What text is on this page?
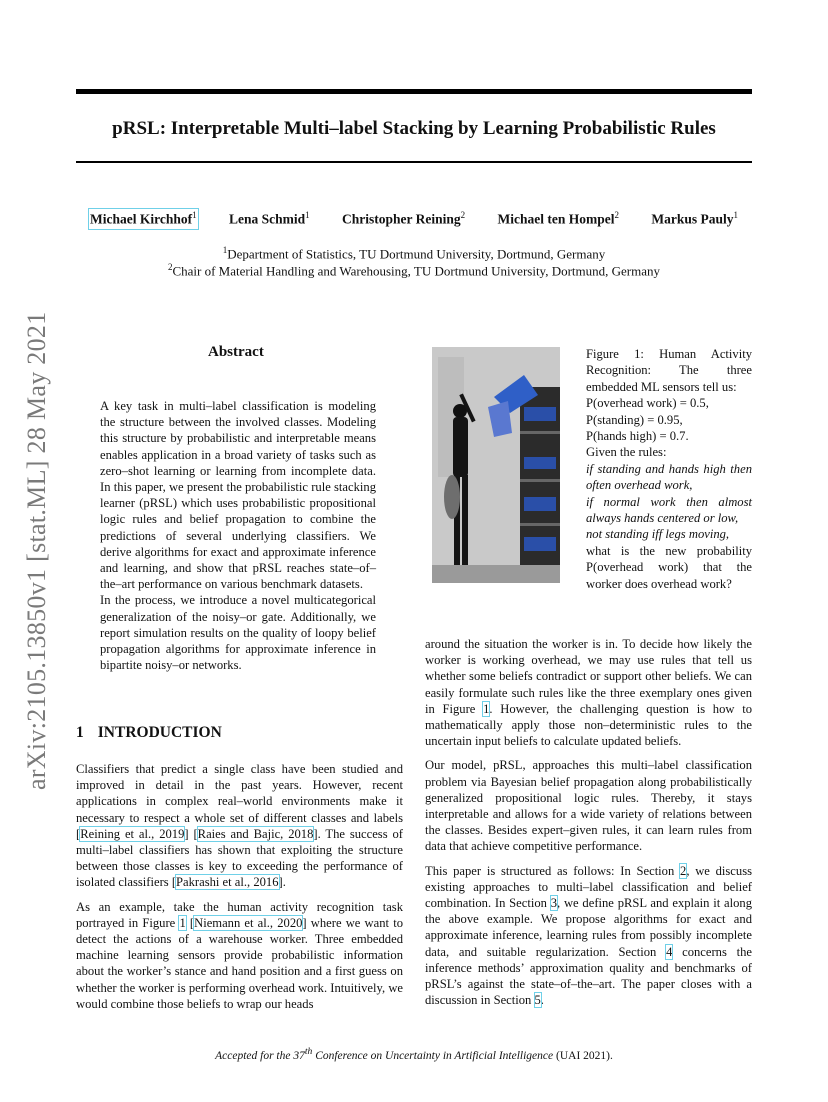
pRSL: Interpretable Multi–label Stacking by Learning Probabilistic Rules
Michael Kirchhof$^1$ Lena Schmid$^1$ Christopher Reining$^2$ Michael ten Hompel$^2$ Markus Pauly$^1$
$^1$Department of Statistics, TU Dortmund University, Dortmund, Germany
$^2$Chair of Material Handling and Warehousing, TU Dortmund University, Dortmund, Germany
arXiv:2105.13850v1 [stat.ML] 28 May 2021	Abstract
A key task in multi–label classification is modeling the structure between the involved classes. Modeling this structure by probabilistic and interpretable means enables application in a broad variety of tasks such as zero–shot learning or learning from incomplete data. In this paper, we present the probabilistic rule stacking learner (pRSL) which uses probabilistic propositional logic rules and belief propagation to combine the predictions of several underlying classifiers. We derive algorithms for exact and approximate inference and learning, and show that pRSL reaches state–of–the–art performance on various benchmark datasets.
In the process, we introduce a novel multicategorical generalization of the noisy–or gate. Additionally, we report simulation results on the quality of loopy belief propagation algorithms for approximate inference in bipartite noisy–or networks.
1 INTRODUCTION

Classifiers that predict a single class have been studied and improved in detail in the past years. However, recent applications in complex real–world environments make it necessary to respect a whole set of different classes and labels [Reining et al., 2019] [Raies and Bajic, 2018]. The success of multi–label classifiers has shown that exploiting the structure between those classes is key to exceeding the performance of isolated classifiers [Pakrashi et al., 2016].

As an example, take the human activity recognition task portrayed in Figure 1 [Niemann et al., 2020] where we want to detect the actions of a warehouse worker. Three embedded machine learning sensors provide probabilistic information about the worker’s stance and hand position and a first guess on whether the worker is performing overhead work. Intuitively, we would combine those beliefs to wrap our heads

Figure 1: Human Activity Recognition: The three embedded ML sensors tell us:
P(overhead work) = 0.5,
P(standing) = 0.95,
P(hands high) = 0.7.
Given the rules:
if standing and hands high then often overhead work,
if normal work then almost always hands centered or low,
not standing iff legs moving,
what is the new probability P(overhead work) that the worker does overhead work?

around the situation the worker is in. To decide how likely the worker is working overhead, we may use rules that tell us whether some beliefs contradict or support other beliefs. We can easily formulate such rules like the three exemplary ones given in Figure 1. However, the challenging question is how to mathematically apply those non–deterministic rules to the uncertain input beliefs to calculate updated beliefs.

Our model, pRSL, approaches this multi–label classification problem via Bayesian belief propagation along probabilistically generalized propositional logic rules. Thereby, it stays interpretable and allows for a wide variety of relations between the classes. Besides expert–given rules, it can learn rules from data that achieve competitive performance.

This paper is structured as follows: In Section 2, we discuss existing approaches to multi–label classification and belief combination. In Section 3, we define pRSL and explain it along the above example. We propose algorithms for exact and approximate inference, learning rules from possibly incomplete data, and suitable regularization. Section 4 concerns the inference methods’ approximation quality and benchmarks of pRSL’s against the state–of–the–art. The paper closes with a discussion in Section 5.

Accepted for the 37th Conference on Uncertainty in Artificial Intelligence (UAI 2021).
